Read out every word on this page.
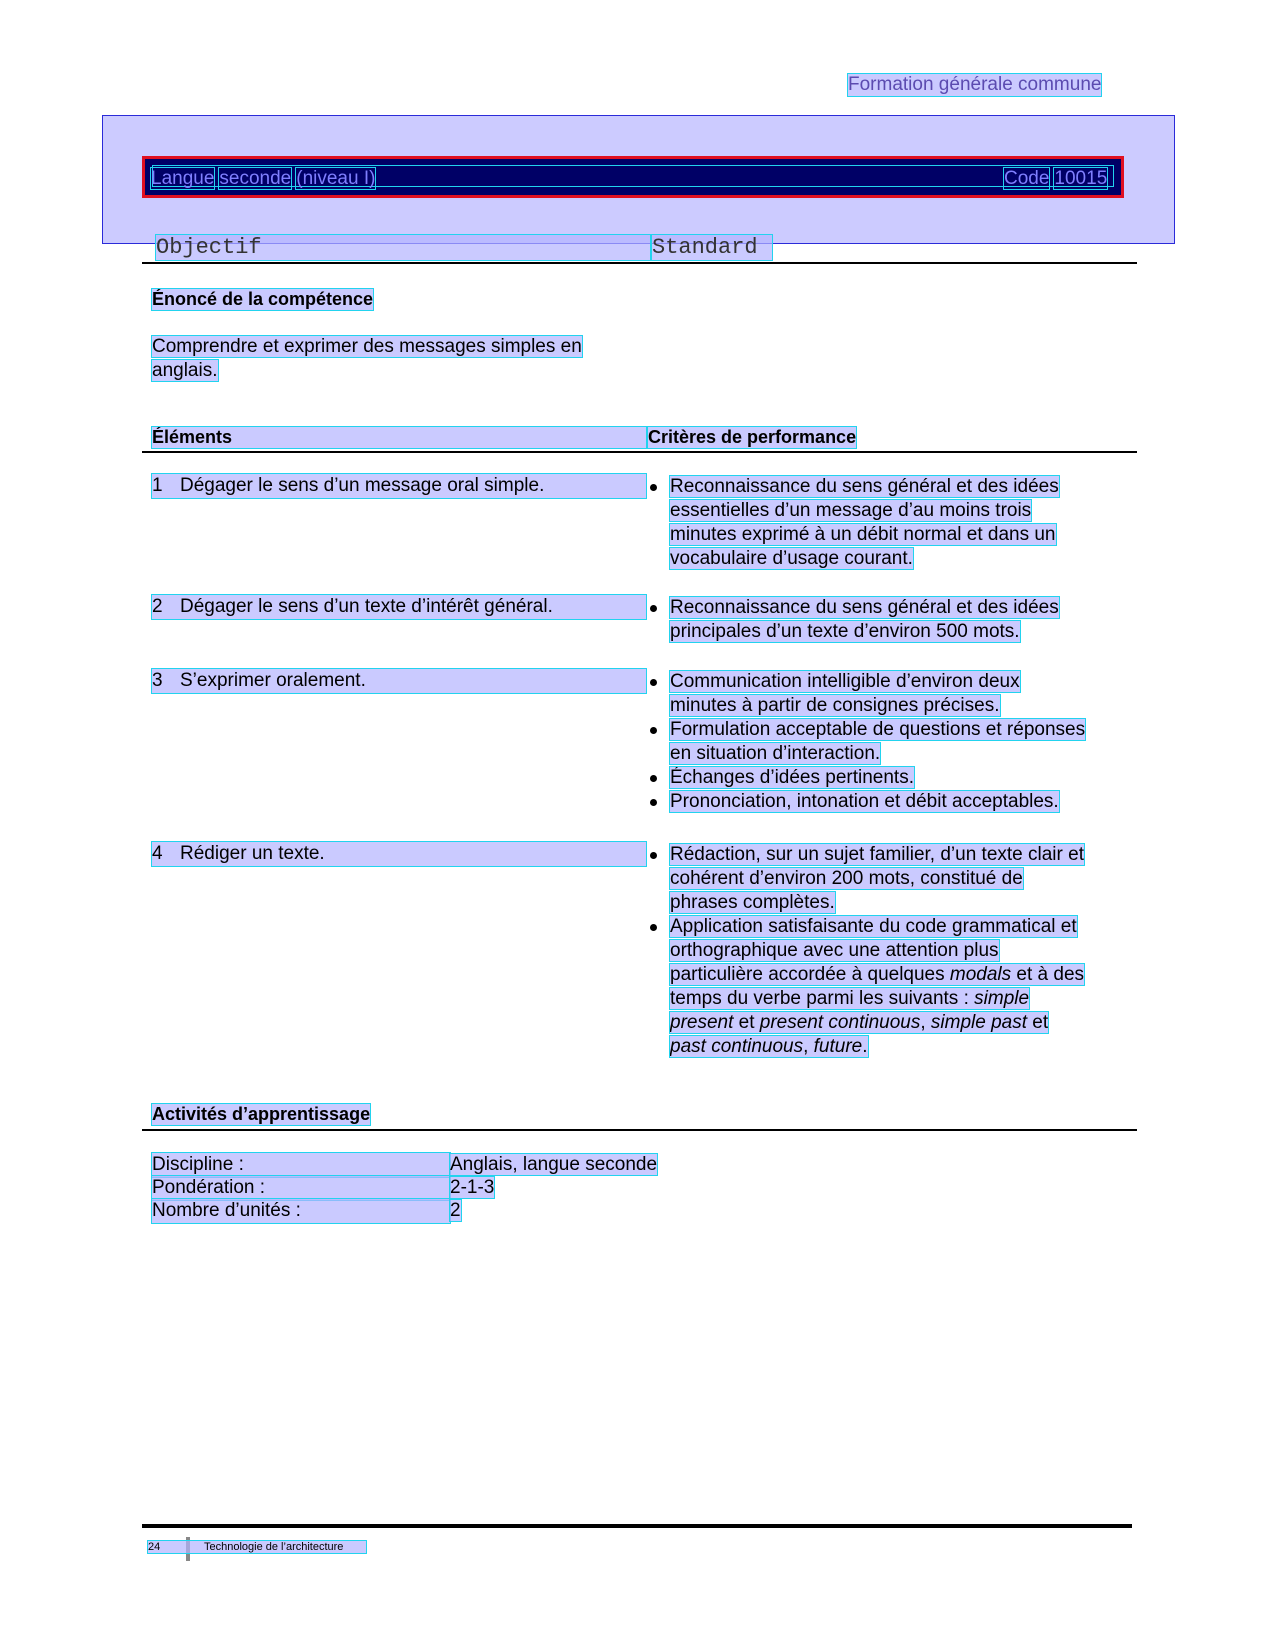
Formation générale commune
Langue seconde (niveau I)	Code 10015
Objectif	Standard
Énoncé de la compétence
Comprendre et exprimer des messages simples en
anglais.
Éléments	Critères de performance
1 Dégager le sens d’un message oral simple.	Reconnaissance du sens général et des idées
essentielles d’un message d’au moins trois
minutes exprimé à un débit normal et dans un
vocabulaire d’usage courant.
2 Dégager le sens d’un texte d’intérêt général.	Reconnaissance du sens général et des idées
principales d’un texte d’environ 500 mots.
3 S’exprimer oralement.	Communication intelligible d’environ deux
minutes à partir de consignes précises.
Formulation acceptable de questions et réponses
en situation d’interaction.
Échanges d’idées pertinents.
Prononciation, intonation et débit acceptables.
4 Rédiger un texte.	Rédaction, sur un sujet familier, d’un texte clair et
cohérent d’environ 200 mots, constitué de
phrases complètes.
Application satisfaisante du code grammatical et
orthographique avec une attention plus
particulière accordée à quelques modals et à des
temps du verbe parmi les suivants : simple
present et present continuous, simple past et
past continuous, future.
Activités d’apprentissage
Discipline :	Anglais, langue seconde
Pondération :	2-1-3
Nombre d’unités :	2
24	Technologie de l’architecture
